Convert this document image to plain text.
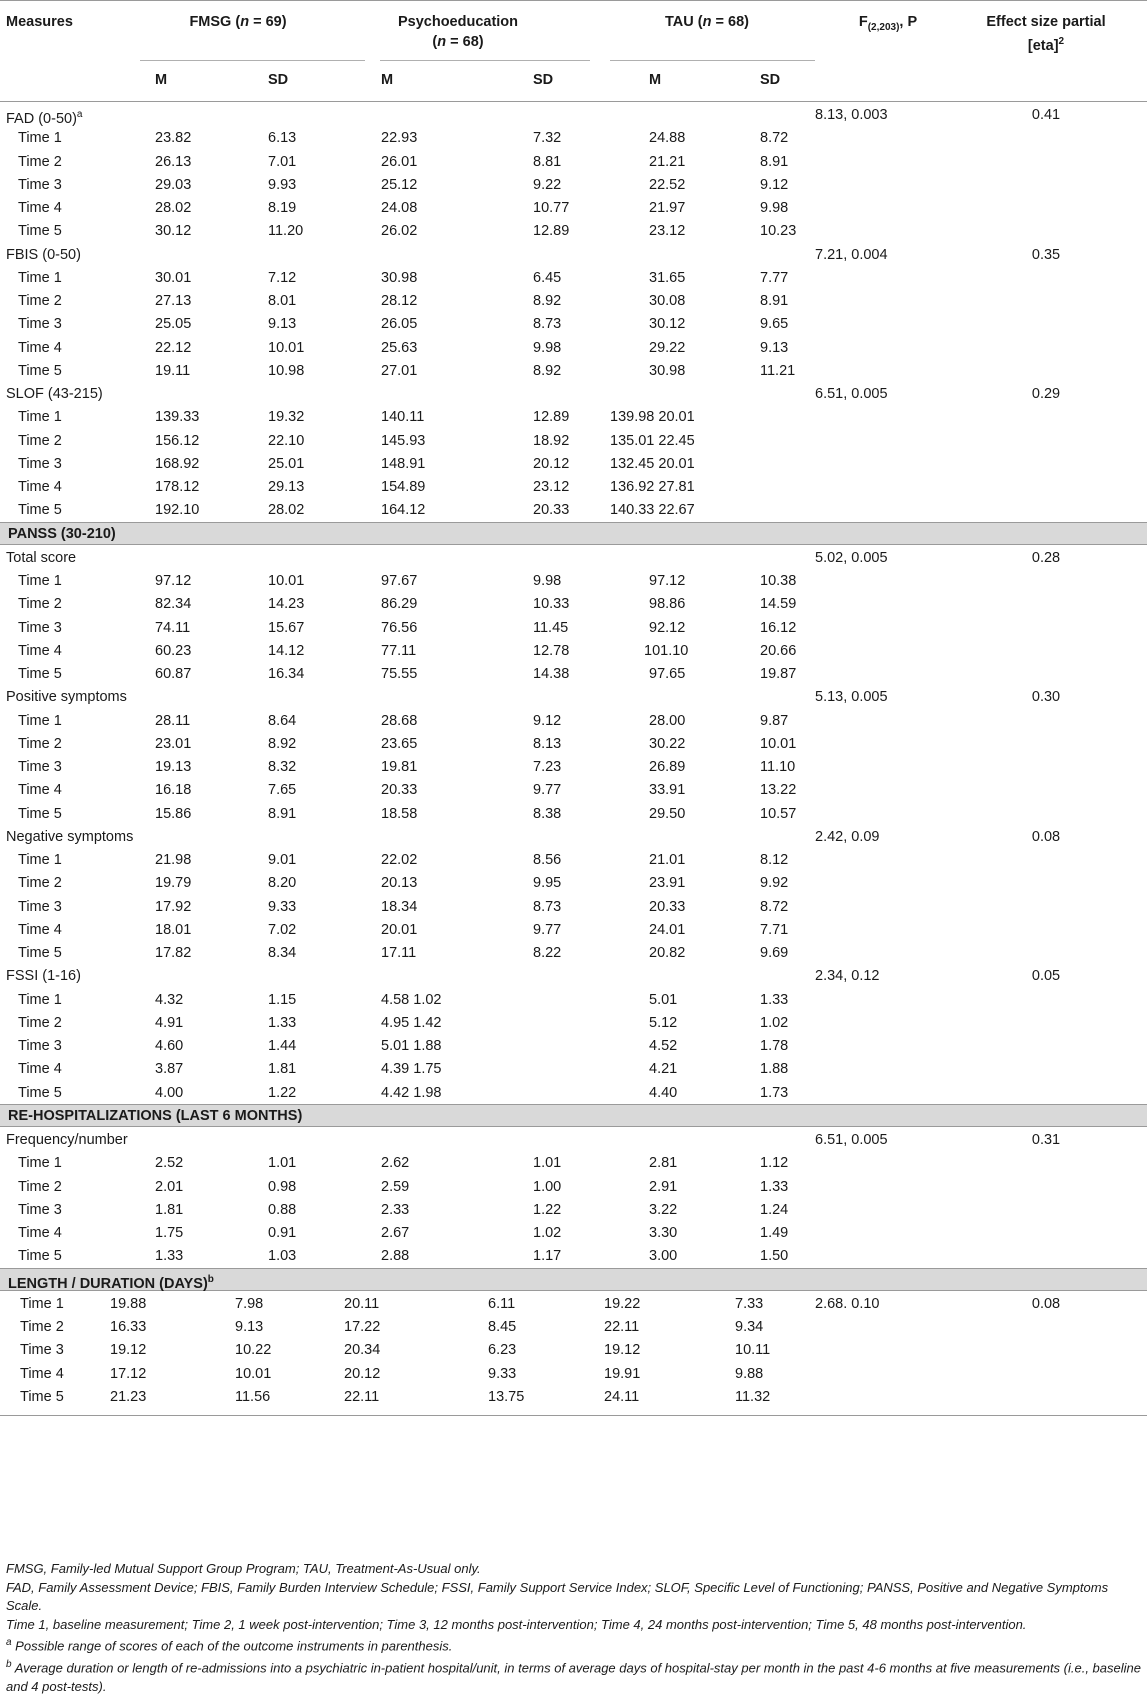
Measures	FMSG (n = 69)	Psychoeducation
(n = 68)
TAU (n = 68)	$F_{(2,203)}$, P	Effect size partial
[eta]$^2$
M	SD	M	SD	M	SD
FAD $(0-50)^a$	8.13, 0.003	0.41
Time 1	23.82	6.13	22.93	7.32	24.88	8.72
Time 2	26.13	7.01	26.01	8.81	21.21	8.91
Time 3	29.03	9.93	25.12	9.22	22.52	9.12
Time 4	28.02	8.19	24.08	10.77	21.97	9.98
Time 5	30.12	11.20	26.02	12.89	23.12	10.23
FBIS (0-50)	7.21, 0.004	0.35
Time 1	30.01	7.12	30.98	6.45	31.65	7.77
Time 2	27.13	8.01	28.12	8.92	30.08	8.91
Time 3	25.05	9.13	26.05	8.73	30.12	9.65
Time 4	22.12	10.01	25.63	9.98	29.22	9.13
Time 5	19.11	10.98	27.01	8.92	30.98	11.21
SLOF (43-215)	6.51, 0.005	0.29
Time 1	139.33	19.32	140.11	12.89	139.98 20.01
Time 2	156.12	22.10	145.93	18.92	135.01 22.45
Time 3	168.92	25.01	148.91	20.12	132.45 20.01
Time 4	178.12	29.13	154.89	23.12	136.92 27.81
Time 5	192.10	28.02	164.12	20.33	140.33 22.67
PANSS (30-210)
Total score	5.02, 0.005	0.28
Time 1	97.12	10.01	97.67	9.98	97.12	10.38
Time 2	82.34	14.23	86.29	10.33	98.86	14.59
Time 3	74.11	15.67	76.56	11.45	92.12	16.12
Time 4	60.23	14.12	77.11	12.78	101.10	20.66
Time 5	60.87	16.34	75.55	14.38	97.65	19.87
Positive symptoms	5.13, 0.005	0.30
Time 1	28.11	8.64	28.68	9.12	28.00	9.87
Time 2	23.01	8.92	23.65	8.13	30.22	10.01
Time 3	19.13	8.32	19.81	7.23	26.89	11.10
Time 4	16.18	7.65	20.33	9.77	33.91	13.22
Time 5	15.86	8.91	18.58	8.38	29.50	10.57
Negative symptoms	2.42, 0.09	0.08
Time 1	21.98	9.01	22.02	8.56	21.01	8.12
Time 2	19.79	8.20	20.13	9.95	23.91	9.92
Time 3	17.92	9.33	18.34	8.73	20.33	8.72
Time 4	18.01	7.02	20.01	9.77	24.01	7.71
Time 5	17.82	8.34	17.11	8.22	20.82	9.69
FSSI (1-16)	2.34, 0.12	0.05
Time 1	4.32	1.15	4.58 1.02	5.01	1.33
Time 2	4.91	1.33	4.95 1.42	5.12	1.02
Time 3	4.60	1.44	5.01 1.88	4.52	1.78
Time 4	3.87	1.81	4.39 1.75	4.21	1.88
Time 5	4.00	1.22	4.42 1.98	4.40	1.73
RE-HOSPITALIZATIONS (LAST 6 MONTHS)
Frequency/number	6.51, 0.005	0.31
Time 1	2.52	1.01	2.62	1.01	2.81	1.12
Time 2	2.01	0.98	2.59	1.00	2.91	1.33
Time 3	1.81	0.88	2.33	1.22	3.22	1.24
Time 4	1.75	0.91	2.67	1.02	3.30	1.49
Time 5	1.33	1.03	2.88	1.17	3.00	1.50
LENGTH / DURATION (DAYS)$^b$
Time 1	19.88	7.98	20.11	6.11	19.22	7.33	2.68. 0.10	0.08
Time 2	16.33	9.13	17.22	8.45	22.11	9.34
Time 3	19.12	10.22	20.34	6.23	19.12	10.11
Time 4	17.12	10.01	20.12	9.33	19.91	9.88
Time 5	21.23	11.56	22.11	13.75	24.11	11.32
FMSG, Family-led Mutual Support Group Program; TAU, Treatment-As-Usual only.
FAD, Family Assessment Device; FBIS, Family Burden Interview Schedule; FSSI, Family Support Service Index; SLOF, Specific Level of Functioning; PANSS, Positive and Negative Symptoms Scale.
Time 1, baseline measurement; Time 2, 1 week post-intervention; Time 3, 12 months post-intervention; Time 4, 24 months post-intervention; Time 5, 48 months post-intervention.
$^a$ Possible range of scores of each of the outcome instruments in parenthesis.
$^b$ Average duration or length of re-admissions into a psychiatric in-patient hospital/unit, in terms of average days of hospital-stay per month in the past 4-6 months at five measurements (i.e., baseline and 4 post-tests).
